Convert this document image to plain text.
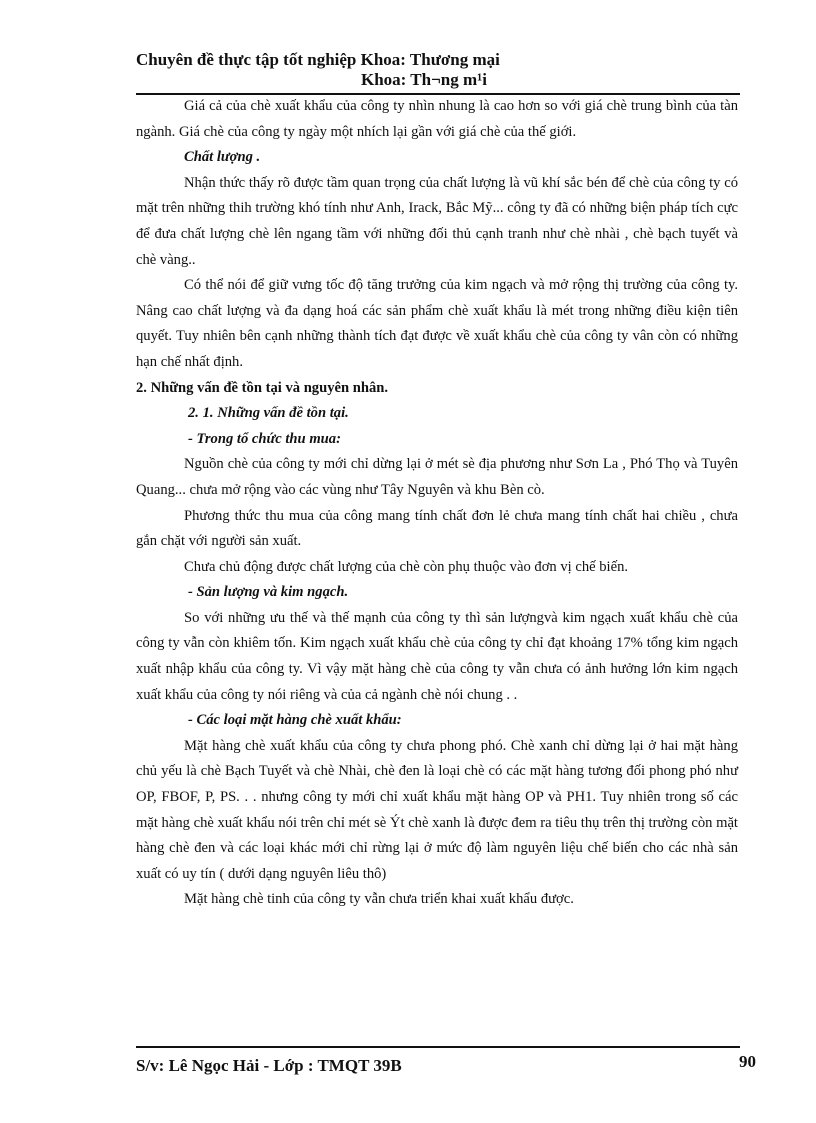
Chuyên đề thực tập tốt nghiệp Khoa: Thương mại
Khoa: Th¬ng m¹i

Giá cả của chè xuất khẩu của công ty nhìn nhung là cao hơn so với giá chè trung bình của tàn ngành. Giá chè của công ty ngày một nhích lại gần với giá chè của thế giới.

Chất lượng .

Nhận thức thấy rõ được tầm quan trọng của chất lượng là vũ khí sắc bén để chè của công ty có mặt trên những thih trường khó tính như Anh, Irack, Bắc Mỹ... công ty đã có những biện pháp tích cực để đưa chất lượng chè lên ngang tầm với những đối thủ cạnh tranh như chè nhài , chè bạch tuyết và chè vàng..

Có thể nói để giữ vưng tốc độ tăng trưởng của kim ngạch và mở rộng thị trường của công ty. Nâng cao chất lượng và đa dạng hoá các sản phẩm chè xuất khẩu là mét trong những điều kiện tiên quyết. Tuy nhiên bên cạnh những thành tích đạt được về xuất khẩu chè của công ty vân còn có những hạn chế nhất định.

2. Những vấn đề tồn tại và nguyên nhân.

2. 1. Những vấn đề tồn tại.

- Trong tổ chức thu mua:

Nguồn chè của công ty mới chỉ dừng lại ở mét sè địa phương như Sơn La , Phó Thọ và Tuyên Quang... chưa mở rộng vào các vùng như Tây Nguyên và khu Bèn cò.

Phương thức thu mua của công mang tính chất đơn lẻ chưa mang tính chất hai chiều , chưa gắn chặt với người sản xuất.

Chưa chủ động được chất lượng của chè còn phụ thuộc vào đơn vị chế biến.

- Sản lượng và kim ngạch.

So với những ưu thế và thế mạnh của công ty thì sản lượngvà kim ngạch xuất khẩu chè của công ty vẫn còn khiêm tốn. Kim ngạch xuất khẩu chè của công ty chỉ đạt khoảng 17% tổng kim ngạch xuất nhập khẩu của công ty. Vì vậy mặt hàng chè của công ty vẫn chưa có ảnh hưởng lớn kim ngạch xuất khẩu của công ty nói riêng và của cả ngành chè nói chung . .

- Các loại mặt hàng chè xuất khẩu:

Mặt hàng chè xuất khẩu của công ty chưa phong phó. Chè xanh chỉ dừng lại ở hai mặt hàng chủ yếu là chè Bạch Tuyết và chè Nhài, chè đen là loại chè có các mặt hàng tương đối phong phó như OP, FBOF, P, PS. . . nhưng công ty mới chỉ xuất khẩu mặt hàng OP và PH1. Tuy nhiên trong số các mặt hàng chè xuất khẩu nói trên chỉ mét sè Ýt chè xanh là được đem ra tiêu thụ trên thị trường còn mặt hàng chè đen và các loại khác mới chỉ rừng lại ở mức độ làm nguyên liệu chế biến cho các nhà sản xuất có uy tín ( dưới dạng nguyên liêu thô)

Mặt hàng chè tinh của công ty vẫn chưa triển khai xuất khẩu được.

S/v: Lê Ngọc Hải - Lớp : TMQT 39B	90
